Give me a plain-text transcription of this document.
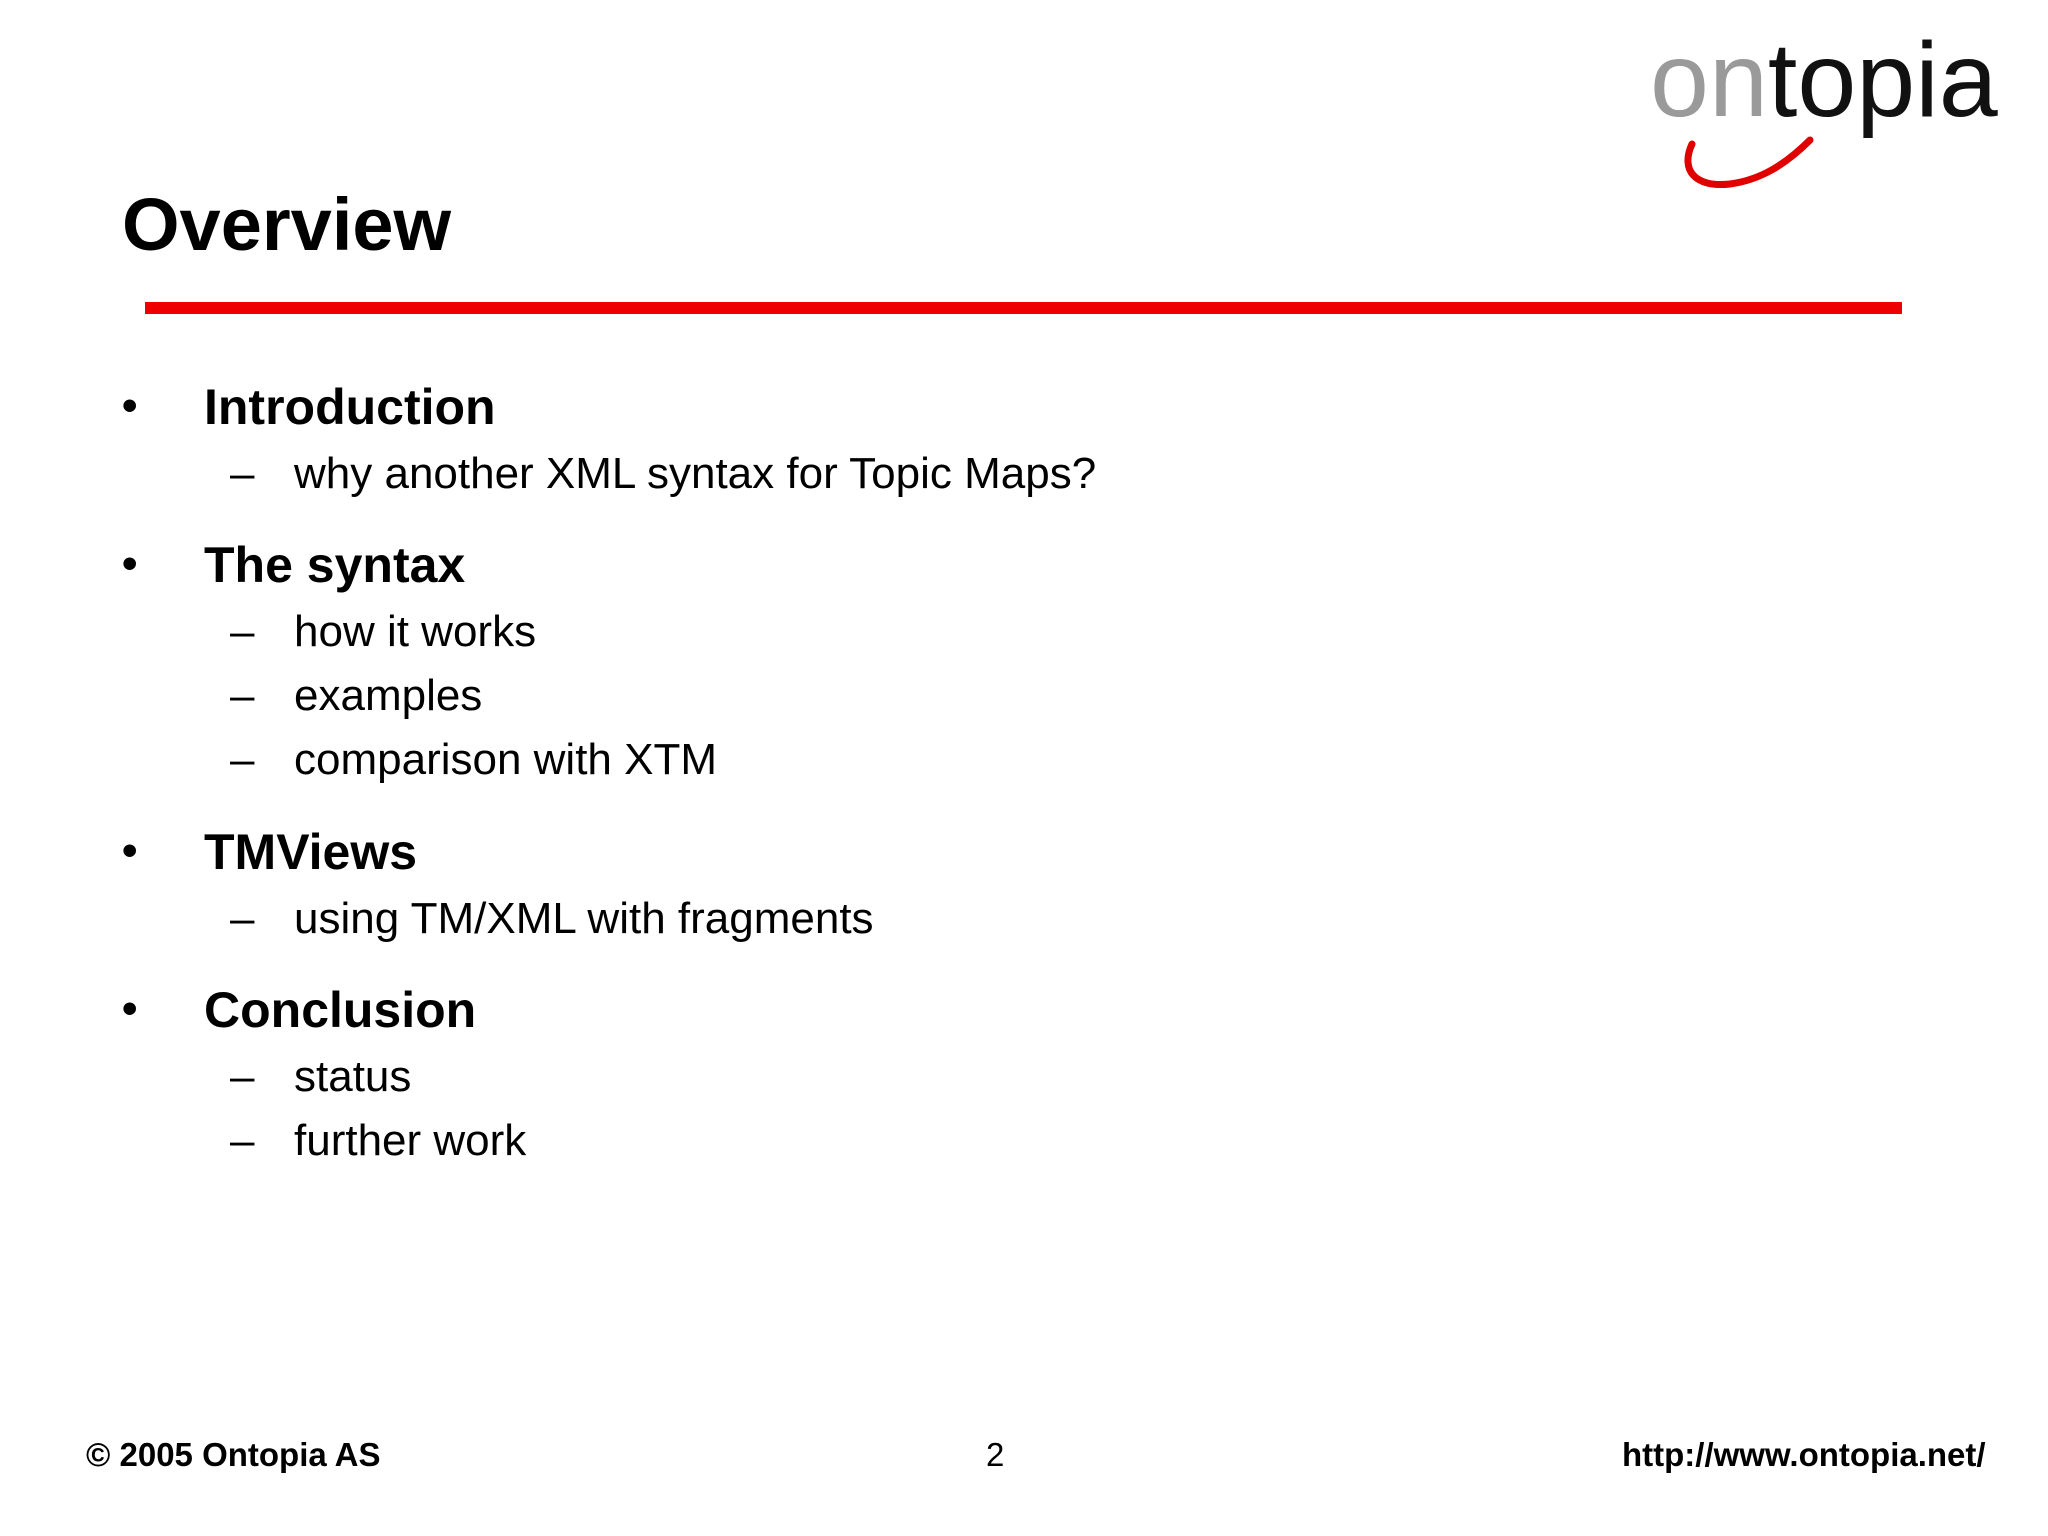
ontopia
Overview
• Introduction
– why another XML syntax for Topic Maps?
• The syntax
– how it works
– examples
– comparison with XTM
• TMViews
– using TM/XML with fragments
• Conclusion
– status
– further work
© 2005 Ontopia AS	2	http://www.ontopia.net/
